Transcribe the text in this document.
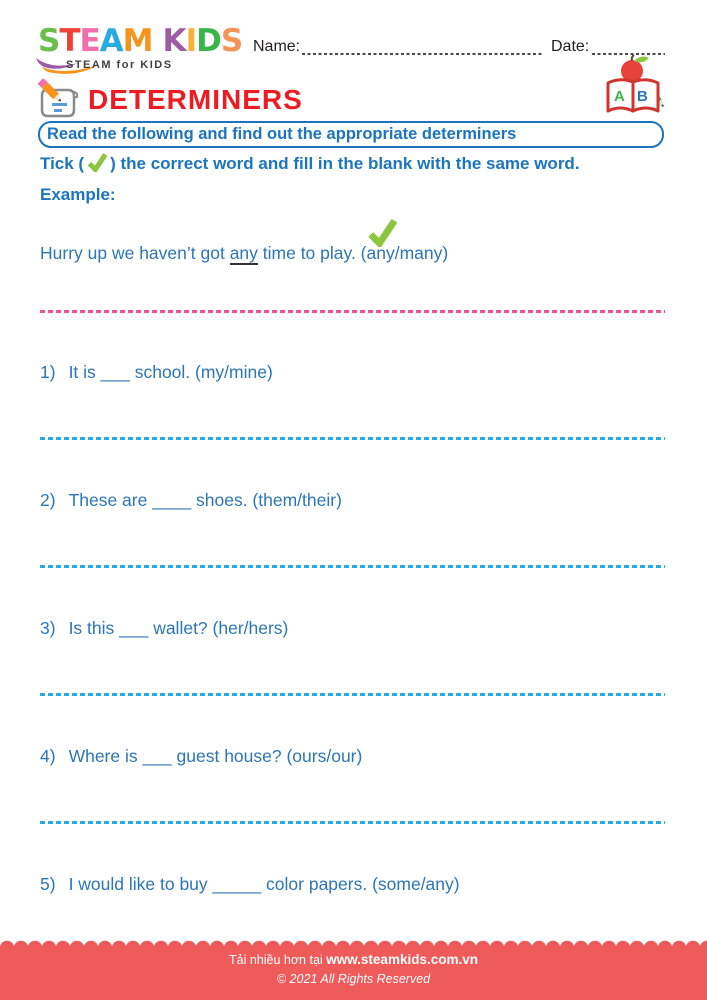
S T E A M K I D S
STEAM for KIDS
Name:	Date:
A B
DETERMINERS
Read the following and find out the appropriate determiners
Tick ( ) the correct word and fill in the blank with the same word.
Example:
Hurry up we haven’t got any time to play. (any/many)
1) It is ___ school. (my/mine)
2) These are ____ shoes. (them/their)
3) Is this ___ wallet? (her/hers)
4) Where is ___ guest house? (ours/our)
5) I would like to buy _____ color papers. (some/any)
Tải nhiều hơn tại www.steamkids.com.vn
© 2021 All Rights Reserved
